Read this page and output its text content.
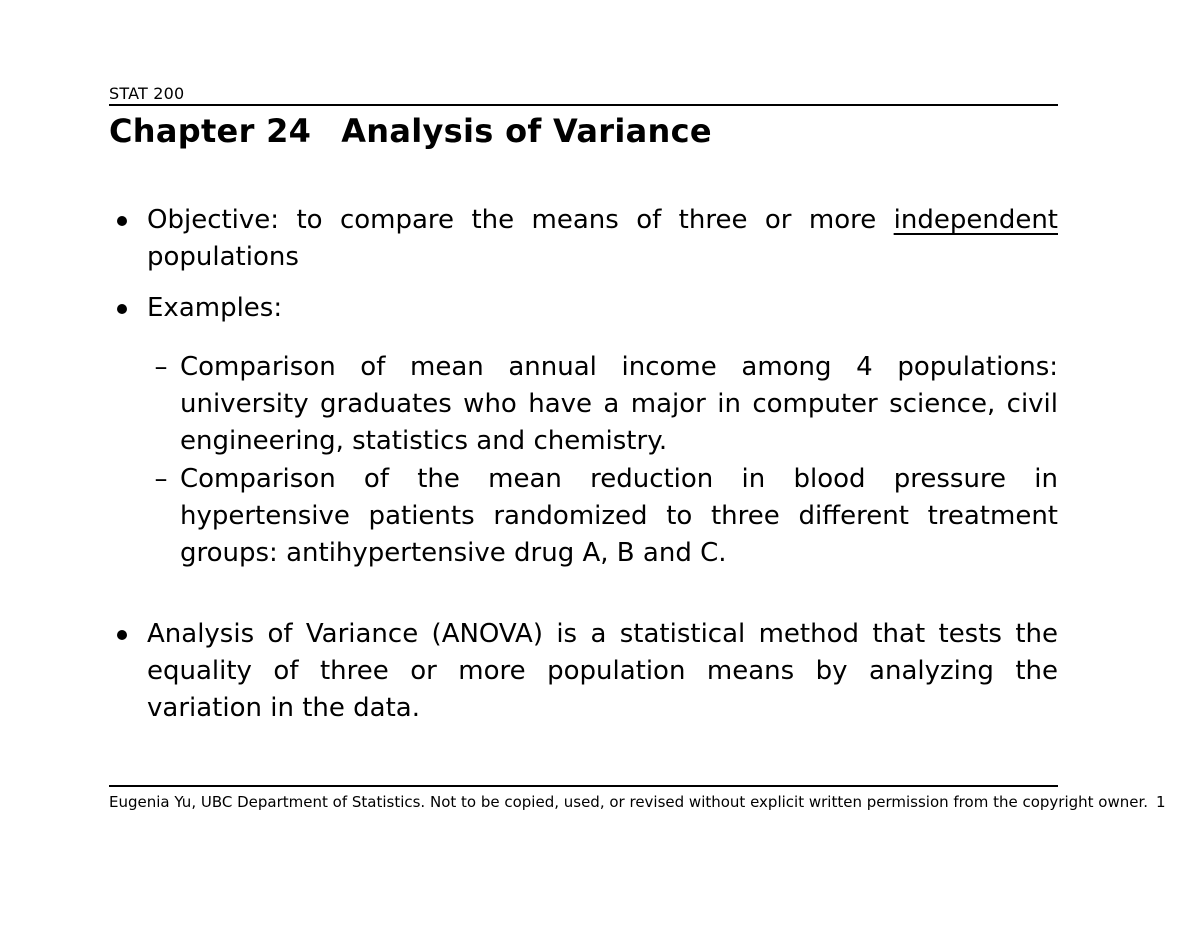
STAT 200
Chapter 24 Analysis of Variance
Objective: to compare the means of three or more independent populations
Examples:
– Comparison of mean annual income among 4 populations: university graduates who have a major in computer science, civil engineering, statistics and chemistry.
– Comparison of the mean reduction in blood pressure in hypertensive patients randomized to three different treatment groups: antihypertensive drug A, B and C.
Analysis of Variance (ANOVA) is a statistical method that tests the equality of three or more population means by analyzing the variation in the data.
Eugenia Yu, UBC Department of Statistics. Not to be copied, used, or revised without explicit written permission from the copyright owner. 1
